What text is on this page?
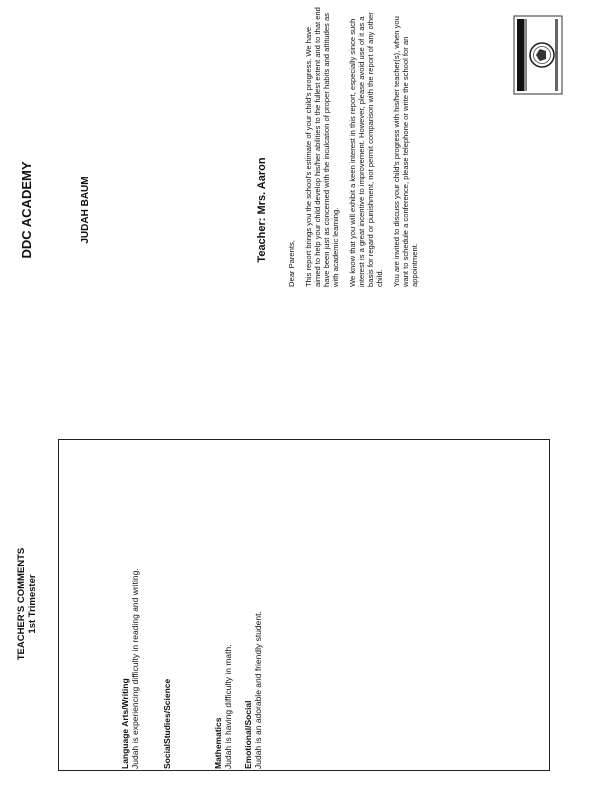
TEACHER'S COMMENTS 1st Trimester
Language Arts/Writing Judah is experiencing difficulty in reading and writing.	SocialStudies/Science	Mathematics Judah is having difficulty in math. Emotional/Social Judah is an adorable and friendly student.
DDC ACADEMY	JUDAH BAUM	Teacher: Mrs. Aaron

Dear Parents, This report brings you the school's estimate of your child's progress. We have aimed to help your child develop his/her abilities to the fullest extent and to that end have been just as concerned with the inculcation of proper habits and attitudes as with academic learning. We know that you will exhibit a keen interest in this report, especially since such interest is a great incentive to improvement. However, please avoid use of it as a basis for regard or punishment, not permit comparison with the report of any other child. You are invited to discuss your child's progress with his/her teacher(s), when you want to schedule a conference, please telephone or write the school for an appointment.
